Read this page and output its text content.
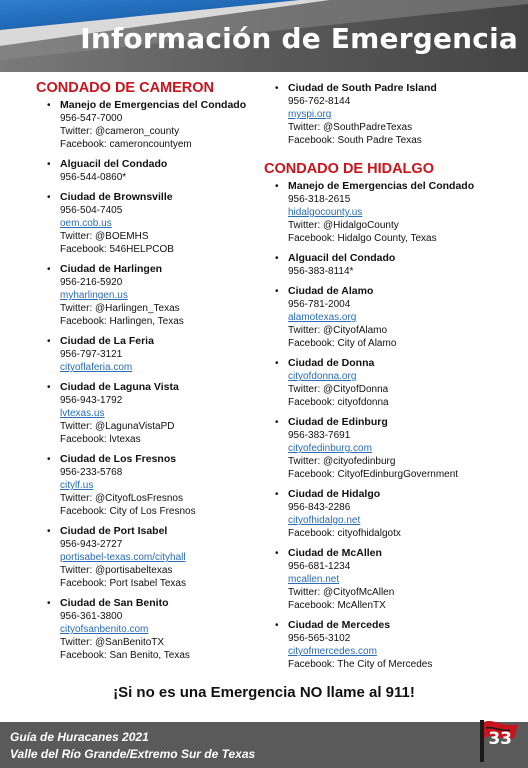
Información de Emergencia
CONDADO DE CAMERON
• Manejo de Emergencias del Condado
956-547-7000
Twitter: @cameron_county
Facebook: cameroncountyem
• Alguacil del Condado
956-544-0860*
• Ciudad de Brownsville
956-504-7405
oem.cob.us
Twitter: @BOEMHS
Facebook: 546HELPCOB
• Ciudad de Harlingen
956-216-5920
myharlingen.us
Twitter: @Harlingen_Texas
Facebook: Harlingen, Texas
• Ciudad de La Feria
956-797-3121
cityoflaferia.com
• Ciudad de Laguna Vista
956-943-1792
lvtexas.us
Twitter: @LagunaVistaPD
Facebook: lvtexas
• Ciudad de Los Fresnos
956-233-5768
citylf.us
Twitter: @CityofLosFresnos
Facebook: City of Los Fresnos
• Ciudad de Port Isabel
956-943-2727
portisabel-texas.com/cityhall
Twitter: @portisabeltexas
Facebook: Port Isabel Texas
• Ciudad de San Benito
956-361-3800
cityofsanbenito.com
Twitter: @SanBenitoTX
Facebook: San Benito, Texas
• Ciudad de South Padre Island
956-762-8144
myspi.org
Twitter: @SouthPadreTexas
Facebook: South Padre Texas
CONDADO DE HIDALGO
• Manejo de Emergencias del Condado
956-318-2615
hidalgocounty.us
Twitter: @HidalgoCounty
Facebook: Hidalgo County, Texas
• Alguacil del Condado
956-383-8114*
• Ciudad de Alamo
956-781-2004
alamotexas.org
Twitter: @CityofAlamo
Facebook: City of Alamo
• Ciudad de Donna
cityofdonna.org
Twitter: @CityofDonna
Facebook: cityofdonna
• Ciudad de Edinburg
956-383-7691
cityofedinburg.com
Twitter: @cityofedinburg
Facebook: CityofEdinburgGovernment
• Ciudad de Hidalgo
956-843-2286
cityofhidalgo.net
Facebook: cityofhidalgotx
• Ciudad de McAllen
956-681-1234
mcallen.net
Twitter: @CityofMcAllen
Facebook: McAllenTX
• Ciudad de Mercedes
956-565-3102
cityofmercedes.com
Facebook: The City of Mercedes
¡Si no es una Emergencia NO llame al 911!
Guía de Huracanes 2021
Valle del Río Grande/Extremo Sur de Texas
33
